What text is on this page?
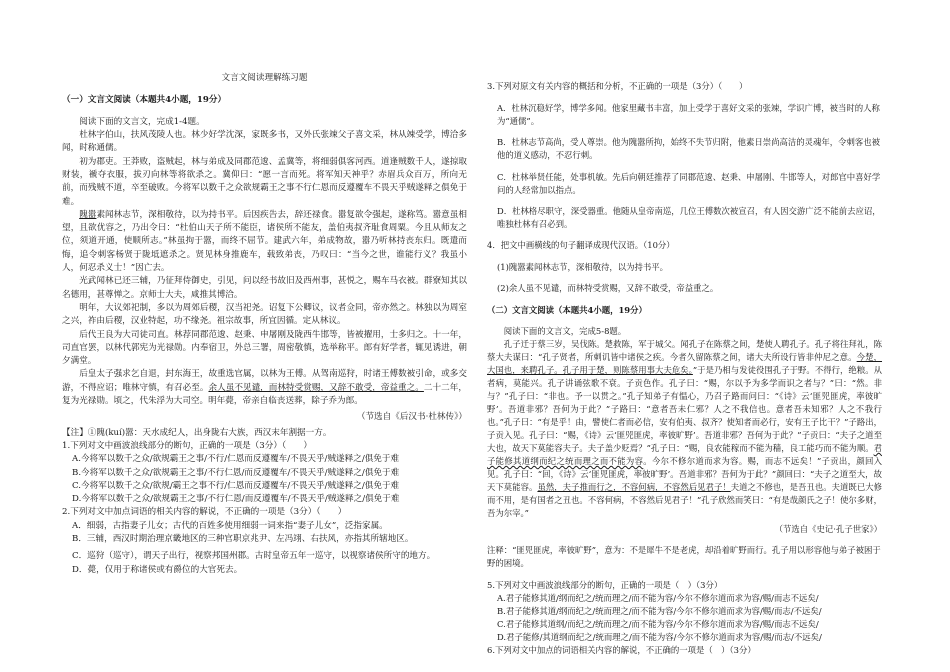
文言文阅读理解练习题

（一）文言文阅读（本题共4小题，19分）

阅读下面的文言文，完成1-4题。

杜林字伯山，扶风茂陵人也。林少好学沈深，家既多书，又外氏张竦父子喜文采，林从竦受学，博洽多闻，时称通儒。

初为郡吏。王莽败，盗贼起，林与弟成及同郡范逡、孟冀等，将细弱俱客河西。道逢贼数千人，遂掠取财装，褫夺衣服，拔刃向林等将欲杀之。冀仰曰：“愿一言而死。将军知天神乎？赤眉兵众百万，所向无前，而残贼不道，卒至破败。今将军以数千之众欲规霸王之事不行仁恩而反遵覆车不畏天乎贼遂释之俱免于难。

隗嚣素闻林志节，深相敬待，以为持书平。后因疾告去，辞还禄食。嚣复欲令强起，遂称笃。嚣意虽相望，且欲优容之，乃出令曰：“杜伯山天子所不能臣，诸侯所不能友，盖伯夷叔齐耻食周粟。今且从师友之位，须道开通，使顺所志。”林虽拘于嚣，而终不屈节。建武六年，弟成物故，嚣乃听林持丧东归。既遣而悔，追令刺客杨贤于陇坻遮杀之。贤见林身推鹿车，载致弟丧，乃叹曰：“当今之世，谁能行义？我虽小人，何忍杀义士！”因亡去。

光武闻林已还三辅，乃征拜侍御史，引见，问以经书故旧及西州事，甚悦之，赐车马衣被。群寮知其以名德用，甚尊惮之。京师士大夫，咸推其博洽。

明年，大议郊祀制，多以为周郊后稷，汉当祀尧。诏复下公卿议，议者佥同，帝亦然之。林独以为周室之兴，祚由后稷，汉业特起，功不缘尧。祖宗故事，所宜因循。定从林议。

后代王良为大司徒司直。林荐同郡范逡、赵秉、申屠刚及陇西牛邯等，皆被擢用，士多归之。十一年，司直官罢，以林代郭宪为光禄勋。内奉宿卫，外总三署，周密敬慎，选举称平。郎有好学者，辄见诱进，朝夕满堂。

后皇太子强求乞自退，封东海王，故重选官属，以林为王傅。从驾南巡狩，时诸王傅数被引命，或多交游，不得应诏；唯林守慎，有召必至。余人虽不见谴，而林特受赏赐，又辞不敢受，帝益重之。二十二年，复为光禄勋。顷之，代朱浮为大司空。明年薨，帝亲自临丧送葬，除子乔为郎。

（节选自《后汉书·杜林传》）

【注】①隗(kuí)嚣：天水成纪人，出身陇右大族，西汉末年割据一方。

1.下列对文中画波浪线部分的断句，正确的一项是（3分）（　　）

A.今将军以数千之众/欲规霸王之事/不行/仁恩而反遵覆车/不畏天乎/贼遂释之/俱免于难

B.今将军以数千之众/欲规霸王之事/不行仁恩/而反遵覆车/不畏天乎/贼遂释之/俱免于难

C.今将军以数千之众/欲规/霸王之事不行/仁恩而反遵覆车/不畏天乎/贼遂释之/俱免于难

D.今将军以数千之众/欲规霸王之事/不行仁恩/而反遵覆车/不畏天乎/贼遂释之/俱免于难

2.下列对文中加点词语的相关内容的解说，不正确的一项是（3分）（　　）

A．细弱，古指妻子儿女；古代的百姓多使用细弱一词来指“妻子儿女”，泛指家属。

B．三辅，西汉时期治理京畿地区的三种官职京兆尹、左冯翊、右扶风，亦指其所辖地区。

C．巡狩（巡守），谓天子出行，视察邦国州郡。古时皇帝五年一巡守，以视察诸侯所守的地方。

D．薨，仅用于称诸侯或有爵位的大官死去。

3.下列对原文有关内容的概括和分析，不正确的一项是（3分）（　　）

A．杜林沉稳好学，博学多闻。他家里藏书丰富，加上受学于喜好文采的张竦，学识广博，被当时的人称为“通儒”。

B．杜林志节高尚，受人尊崇。他为隗嚣所拘，始终不失节归附，他素日崇尚高洁的灵魂年，令刺客也被他的道义感动，不忍行刺。

C．杜林举贤任能，处事机敏。先后向朝廷推荐了同郡范逡、赵秉、申屠刚、牛邯等人，对郎官中喜好学问的人经常加以指点。

D．杜林格尽职守，深受器重。他随从皇帝南巡，几位王傅数次被宣召，有人因交游广泛不能前去应诏，唯独杜林有召必到。

4．把文中画横线的句子翻译成现代汉语。（10分）

(1)隗嚣素闻林志节，深相敬待，以为持书平。

(2)余人虽不见谴，而林特受赏赐，又辞不敢受，帝益重之。

（二）文言文阅读（本题共4小题，19分）

阅读下面的文言文，完成5-8题。

孔子迁于蔡三岁，吴伐陈。楚救陈，军于城父。闻孔子在陈蔡之间，楚使人聘孔子。孔子将往拜礼，陈蔡大夫谋曰：“孔子贤者，所刺讥皆中诸侯之疾。今者久留陈蔡之间，诸大夫所设行皆非仲尼之意。今楚，大国也，来聘孔子。孔子用于楚，则陈蔡用事大夫危矣。”于是乃相与发徒役围孔子于野。不得行，绝粮。从者病，莫能兴。孔子讲诵弦歌不衰。子贡色作。孔子曰：“赐，尔以予为多学而识之者与？”曰：“然。非与？”孔子曰：“非也。予一以贯之。”孔子知弟子有愠心，乃召子路而问曰：“《诗》云‘匪兕匪虎，率彼旷野’。吾道非邪？吾何为于此？”子路曰：“意者吾未仁邪？人之不我信也。意者吾未知邪？人之不我行也。”孔子曰：“有是乎！由，譬使仁者而必信，安有伯夷、叔齐？使知者而必行，安有王子比干？”子路出，子贡入见。孔子曰：“赐，《诗》云‘匪兕匪虎，率彼旷野’。吾道非邪？吾何为于此？”子贡曰：“夫子之道至大也，故天下莫能容夫子。夫子盖少贬焉？”孔子曰：“赐，良农能稼而不能为穑，良工能巧而不能为顺。君子能修其道纲而纪之统而理之而不能为容。今尔不修尔道而求为容。赐，而志不远矣！”子贡出，颜回入见。孔子曰：“回，《诗》云‘匪兕匪虎，率彼旷野’。吾道非邪？吾何为于此？”颜回曰：“夫子之道至大，故天下莫能容。虽然，夫子推而行之，不容何病，不容然后见君子！夫道之不修也，是吾丑也。夫道既已大修而不用，是有国者之丑也。不容何病，不容然后见君子！”孔子欣然而笑曰：“有是哉颜氏之子！使尔多财，吾为尔宰。”

（节选自《史记·孔子世家》）

注释：“匪兕匪虎，率彼旷野”，意为：不是犀牛不是老虎，却沿着旷野而行。孔子用以形容他与弟子被困于野的困境。

5.下列对文中画波浪线部分的断句，正确的一项是（　）（3分）

A.君子能修其道/纲而纪之/统而理之/而不能为容/今尔不修尔道而求为容/赐/而志不远矣/

B.君子能修其道/纲而纪之/统而理之/而不能为容/今尔不修尔道而求为容/赐/而志/不远矣/

C.君子能修其道纲/而纪之/统而理之/而不能为容/今尔不修尔道而求为容/赐/而志不远矣/

D.君子能修/其道纲而纪之/统而理之/而不能为容/今尔不修尔道而求为容/赐/而志/不远矣/

6.下列对文中加点的词语相关内容的解说，不正确的一项是（　）（3分）
